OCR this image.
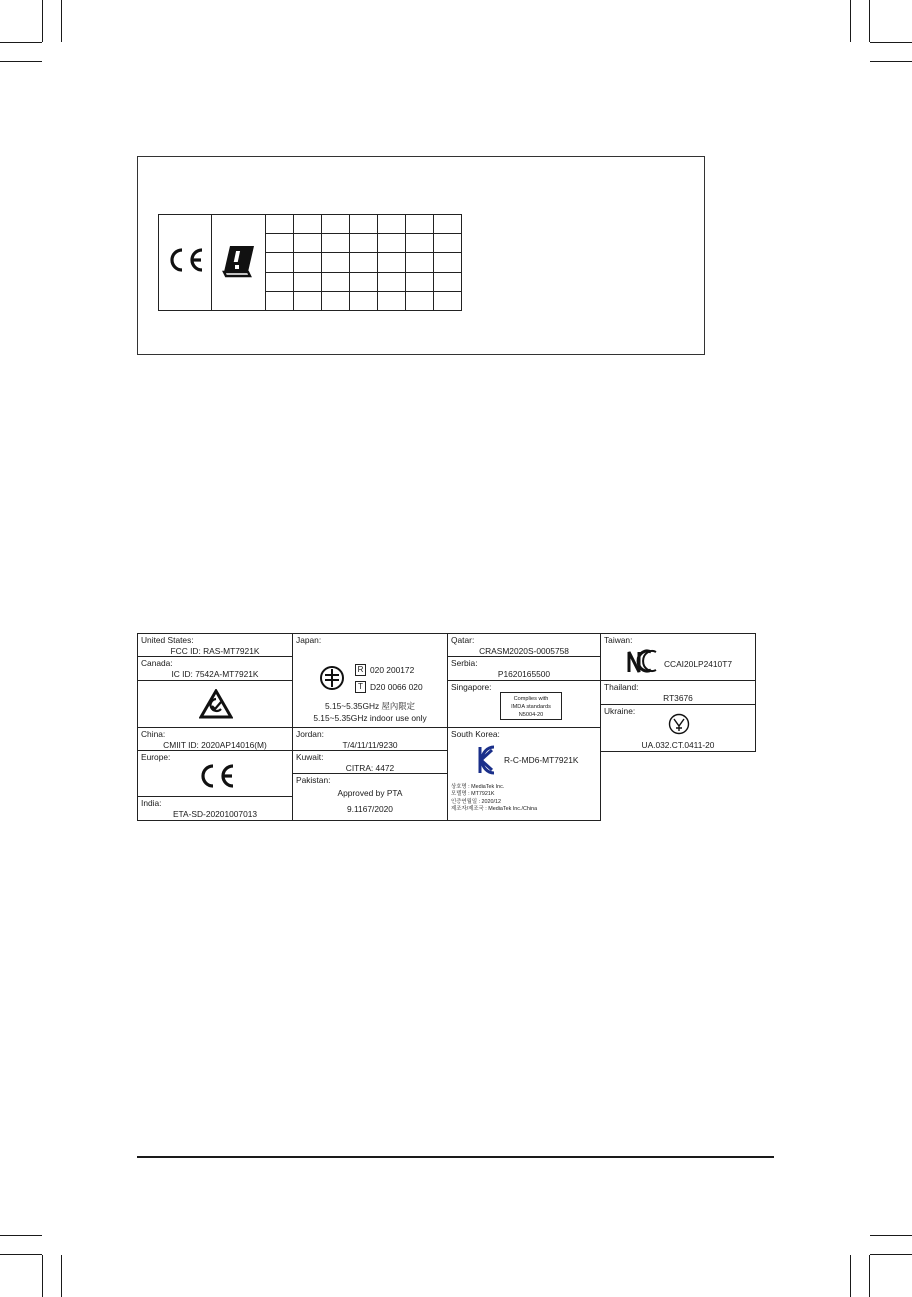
United States:
FCC ID: RAS-MT7921K
Canada:
IC ID: 7542A-MT7921K
China:
CMIIT ID: 2020AP14016(M)
Europe:
India:
ETA-SD-20201007013
Japan:
R 020 200172
T D20 0066 020
5.15~5.35GHz 屋內限定
5.15~5.35GHz indoor use only
Jordan:
T/4/11/11/9230
Kuwait:
CITRA: 4472
Pakistan:
Approved by PTA
9.1167/2020
Qatar:
CRASM2020S-0005758
Serbia:
P1620165500
Singapore:
Complies with
IMDA standards
N5004-20
South Korea:
R-C-MD6-MT7921K
상호명 : MediaTek Inc.
모델명 : MT7921K
인증연월일 : 2020/12
제조자/제조국 : MediaTek Inc./China
Taiwan:
CCAI20LP2410T7
Thailand:
RT3676
Ukraine:
UA.032.CT.0411-20
